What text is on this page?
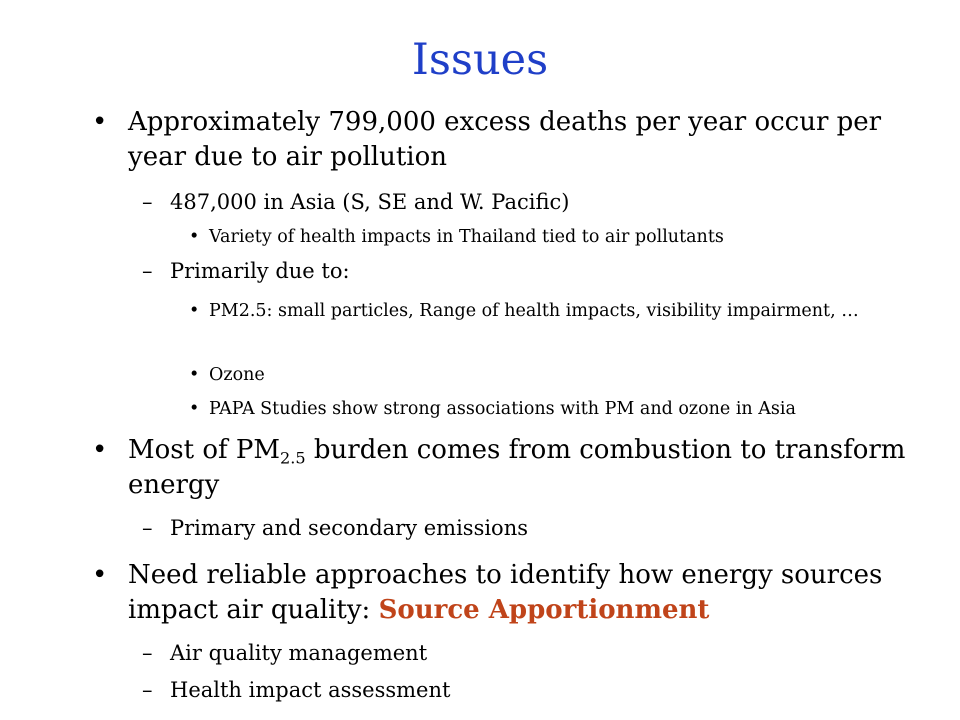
Issues
• Approximately 799,000 excess deaths per year occur per year due to air pollution
– 487,000 in Asia (S, SE and W. Pacific)
• Variety of health impacts in Thailand tied to air pollutants
– Primarily due to:
• PM2.5: small particles, Range of health impacts, visibility impairment, …
• Ozone
• PAPA Studies show strong associations with PM and ozone in Asia
• Most of $PM_{2.5}$ burden comes from combustion to transform energy
– Primary and secondary emissions
• Need reliable approaches to identify how energy sources impact air quality: Source Apportionment
– Air quality management
– Health impact assessment
